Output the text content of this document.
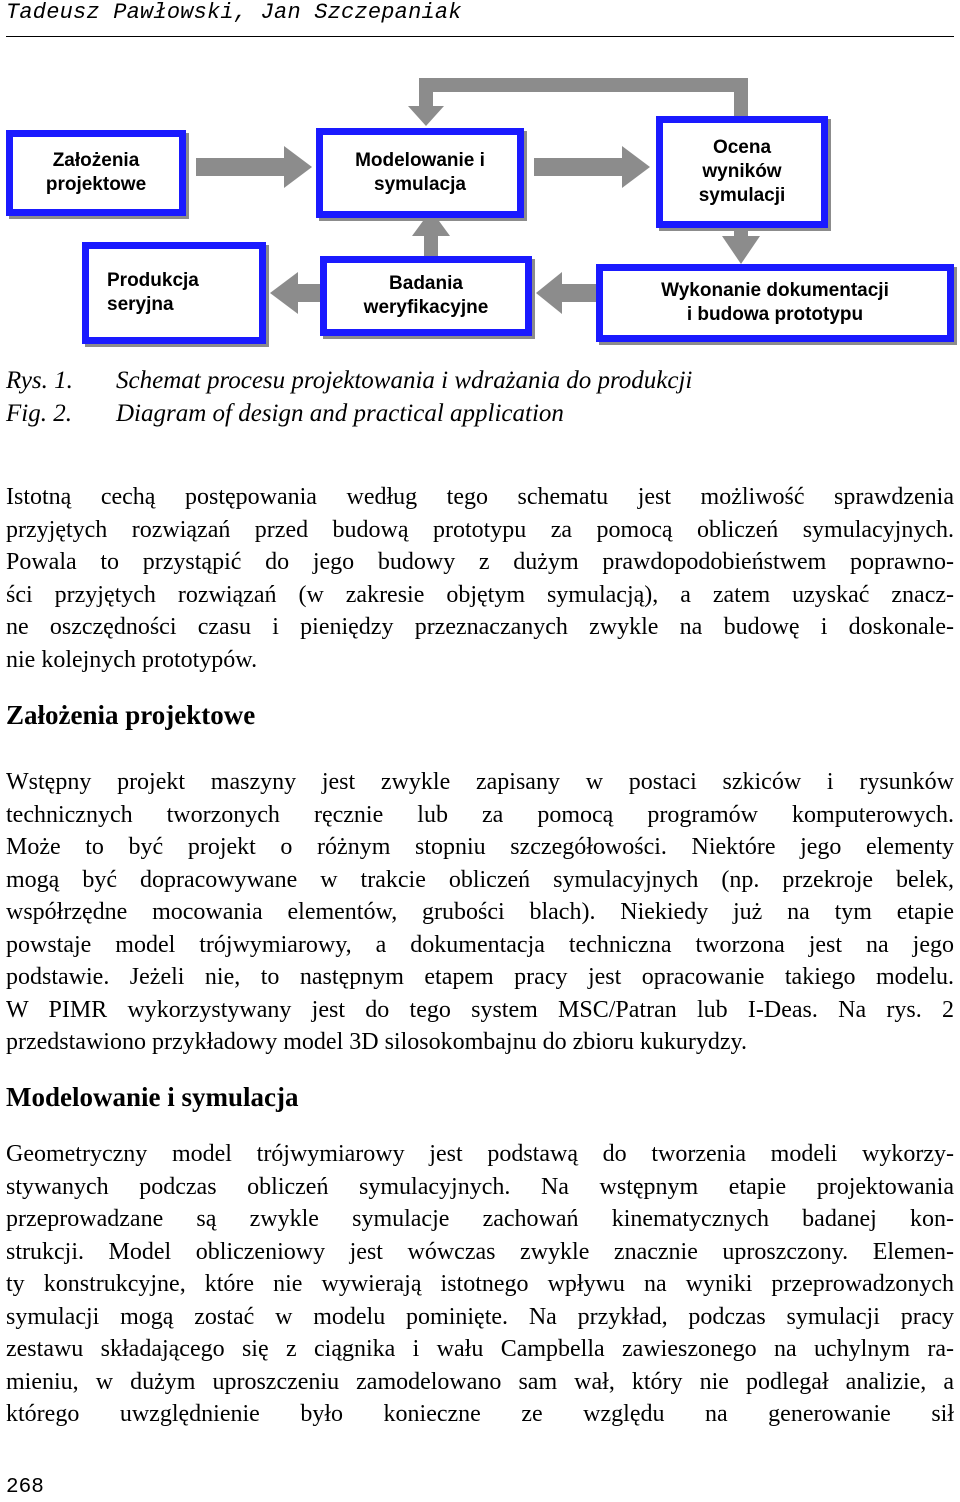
Tadeusz Pawłowski, Jan Szczepaniak
Założenia
projektowe
Modelowanie i
symulacja
Ocena
wyników
symulacji
Produkcja
seryjna
Badania
weryfikacyjne
Wykonanie dokumentacji
i budowa prototypu
Rys. 1. Schemat procesu projektowania i wdrażania do produkcji
Fig. 2. Diagram of design and practical application
Istotną cechą postępowania według tego schematu jest możliwość sprawdzenia
przyjętych rozwiązań przed budową prototypu za pomocą obliczeń symulacyjnych.
Powala to przystąpić do jego budowy z dużym prawdopodobieństwem poprawno-
ści przyjętych rozwiązań (w zakresie objętym symulacją), a zatem uzyskać znacz-
ne oszczędności czasu i pieniędzy przeznaczanych zwykle na budowę i doskonale-
nie kolejnych prototypów.
Założenia projektowe
Wstępny projekt maszyny jest zwykle zapisany w postaci szkiców i rysunków
technicznych tworzonych ręcznie lub za pomocą programów komputerowych.
Może to być projekt o różnym stopniu szczegółowości. Niektóre jego elementy
mogą być dopracowywane w trakcie obliczeń symulacyjnych (np. przekroje belek,
współrzędne mocowania elementów, grubości blach). Niekiedy już na tym etapie
powstaje model trójwymiarowy, a dokumentacja techniczna tworzona jest na jego
podstawie. Jeżeli nie, to następnym etapem pracy jest opracowanie takiego modelu.
W PIMR wykorzystywany jest do tego system MSC/Patran lub I-Deas. Na rys. 2
przedstawiono przykładowy model 3D silosokombajnu do zbioru kukurydzy.
Modelowanie i symulacja
Geometryczny model trójwymiarowy jest podstawą do tworzenia modeli wykorzy-
stywanych podczas obliczeń symulacyjnych. Na wstępnym etapie projektowania
przeprowadzane są zwykle symulacje zachowań kinematycznych badanej kon-
strukcji. Model obliczeniowy jest wówczas zwykle znacznie uproszczony. Elemen-
ty konstrukcyjne, które nie wywierają istotnego wpływu na wyniki przeprowadzonych
symulacji mogą zostać w modelu pominięte. Na przykład, podczas symulacji pracy
zestawu składającego się z ciągnika i wału Campbella zawieszonego na uchylnym ra-
mieniu, w dużym uproszczeniu zamodelowano sam wał, który nie podlegał analizie, a
którego uwzględnienie było konieczne ze względu na generowanie sił
268
